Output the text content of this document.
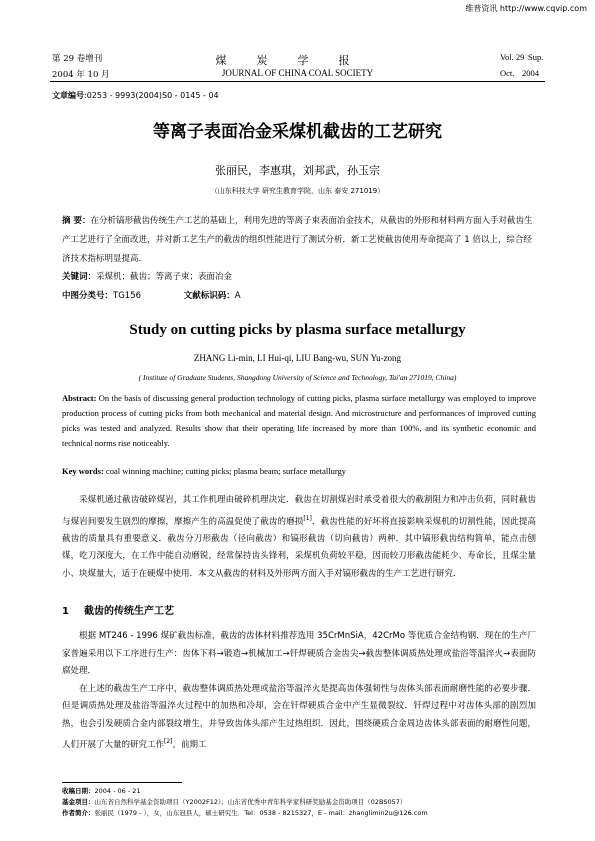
维普资讯 http://www.cqvip.com
第 29 卷增刊
2004 年 10 月
煤炭学报
JOURNAL OF CHINA COAL SOCIETY
Vol. 29 Sup.
Oct. 2004
文章编号:0253 - 9993(2004)S0 - 0145 - 04
等离子表面冶金采煤机截齿的工艺研究
张丽民，李惠琪，刘邦武，孙玉宗
（山东科技大学 研究生教育学院，山东 泰安 271019）
摘 要：在分析镐形截齿传统生产工艺的基础上，利用先进的等离子束表面冶金技术，从截齿的外形和材料两方面入手对截齿生产工艺进行了全面改进，并对新工艺生产的截齿的组织性能进行了测试分析．新工艺使截齿使用寿命提高了 1 倍以上，综合经济技术指标明显提高.
关键词：采煤机；截齿；等离子束；表面冶金
中图分类号：TG156	文献标识码：A
Study on cutting picks by plasma surface metallurgy
ZHANG Li-min, LI Hui-qi, LIU Bang-wu, SUN Yu-zong
( Institute of Graduate Students, Shangdong University of Science and Technology, Tai'an 271019, China)
Abstract: On the basis of discussing general production technology of cutting picks, plasma surface metallurgy was employed to improve production process of cutting picks from both mechanical and material design. And microstructure and performances of improved cutting picks was tested and analyzed. Results show that their operating life increased by more than 100%, and its synthetic economic and technical norms rise noticeably.
Key words: coal winning machine; cutting picks; plasma beam; surface metallurgy

采煤机通过截齿破碎煤岩，其工作机理由破碎机理决定．截齿在切割煤岩时承受着很大的截割阻力和冲击负荷，同时截齿与煤岩间要发生剧烈的摩擦，摩擦产生的高温促使了截齿的磨损[1]．截齿性能的好坏将直接影响采煤机的切割性能，因此提高截齿的质量具有重要意义．截齿分刀形截齿（径向截齿）和镐形截齿（切向截齿）两种．其中镐形截齿结构简单，能点击刨煤，吃刀深度大，在工作中能自动磨锐，经常保持齿头锋利，采煤机负荷较平稳，因而较刀形截齿能耗少、寿命长，且煤尘量小、块煤量大，适于在硬煤中使用．本文从截齿的材料及外形两方面入手对镐形截齿的生产工艺进行研究．

1 截齿的传统生产工艺

根据 MT246 - 1996 煤矿截齿标准，截齿的齿体材料推荐选用 35CrMnSiA，42CrMo 等优质合金结构钢．现在的生产厂家普遍采用以下工序进行生产：齿体下料→锻造→机械加工→钎焊硬质合金齿尖→截齿整体调质热处理或盐浴等温淬火→表面防腐处理．

在上述的截齿生产工序中，截齿整体调质热处理或盐浴等温淬火是提高齿体强韧性与齿体头部表面耐磨性能的必要步骤．但是调质热处理及盐浴等温淬火过程中的加热和冷却，会在钎焊硬质合金中产生显微裂纹．钎焊过程中对齿体头部的剧烈加热，也会引发硬质合金内部裂纹增生，并导致齿体头部产生过热组织．因此，围绕硬质合金周边齿体头部表面的耐磨性问题，人们开展了大量的研究工作[2]，前期工

收稿日期：2004 - 06 - 21
基金项目：山东省自然科学基金资助项目（Y2002F12）；山东省优秀中青年科学家科研奖励基金资助项目（02BS057）
作者简介：张丽民（1979 - ），女，山东冠县人，硕士研究生．Tel：0538 - 8215327，E - mail：zhanglimin2u@126.com
